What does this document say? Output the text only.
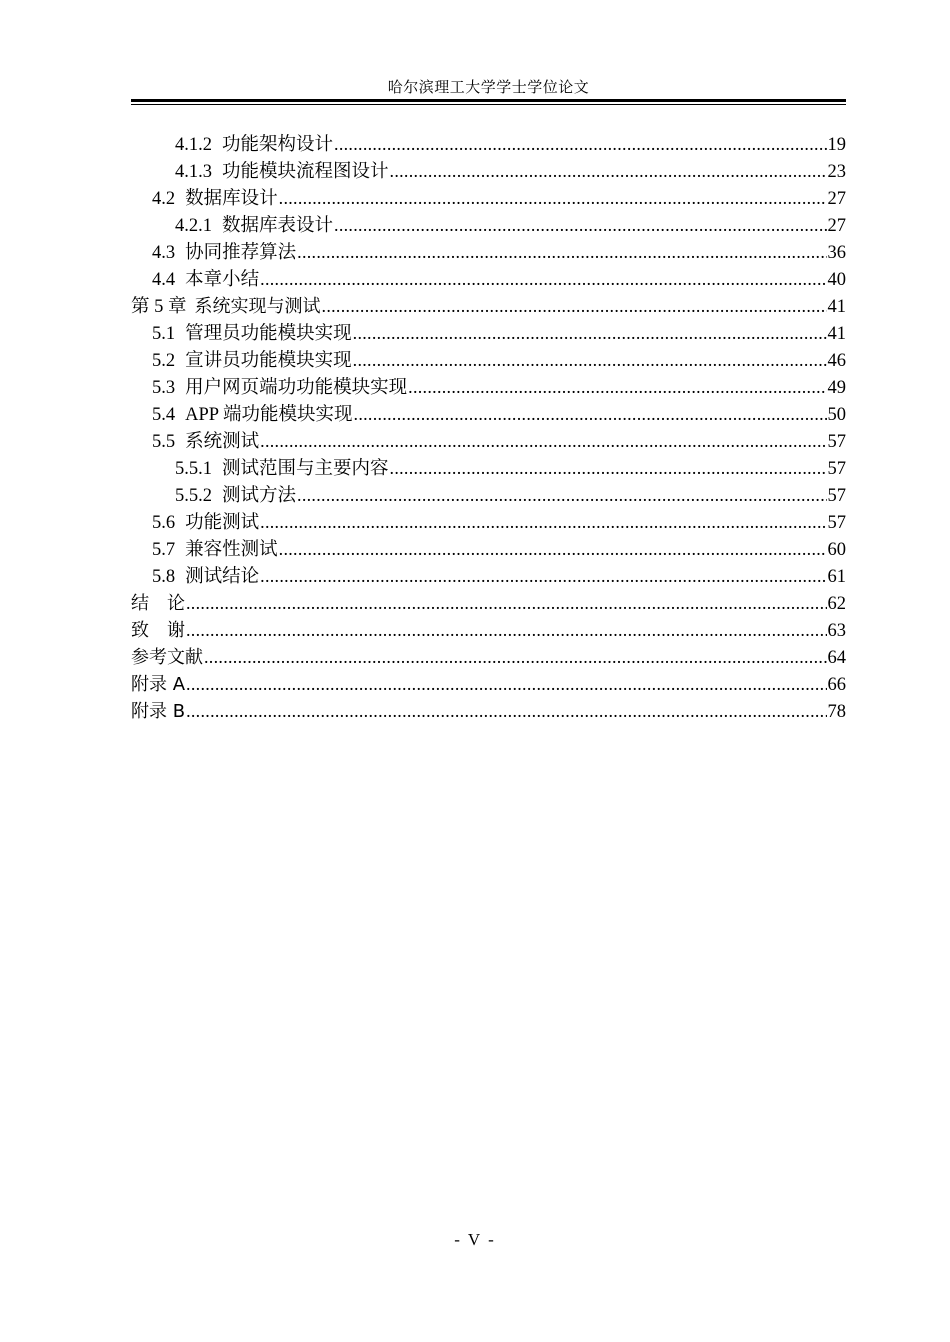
哈尔滨理工大学学士学位论文
4.1.2 功能架构设计 .....	19
4.1.3 功能模块流程图设计 .....	23
4.2 数据库设计 .....	27
4.2.1 数据库表设计 .....	27
4.3 协同推荐算法 .....	36
4.4 本章小结 .....	40
第 5 章 系统实现与测试 .....	41
5.1 管理员功能模块实现 .....	41
5.2 宣讲员功能模块实现 .....	46
5.3 用户网页端功功能模块实现 .....	49
5.4 APP 端功能模块实现 .....	50
5.5 系统测试 .....	57
5.5.1 测试范围与主要内容 .....	57
5.5.2 测试方法 .....	57
5.6 功能测试 .....	57
5.7 兼容性测试 .....	60
5.8 测试结论 .....	61
结　论 .....	62
致　谢 .....	63
参考文献 .....	64
附录 A .....	66
附录 B .....	78
- V -
